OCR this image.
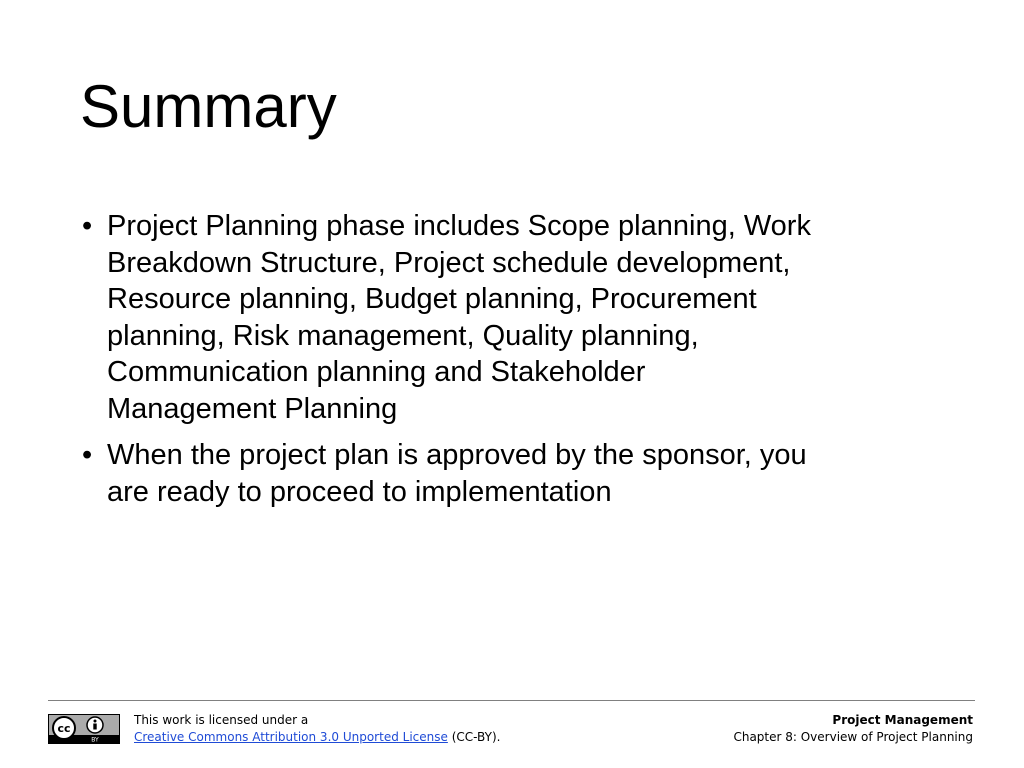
Summary
• Project Planning phase includes Scope planning, Work
Breakdown Structure, Project schedule development,
Resource planning, Budget planning, Procurement
planning, Risk management, Quality planning,
Communication planning and Stakeholder
Management Planning
• When the project plan is approved by the sponsor, you
are ready to proceed to implementation
cc
BY
This work is licensed under a
Creative Commons Attribution 3.0 Unported License (CC-BY).
Project Management
Chapter 8: Overview of Project Planning
